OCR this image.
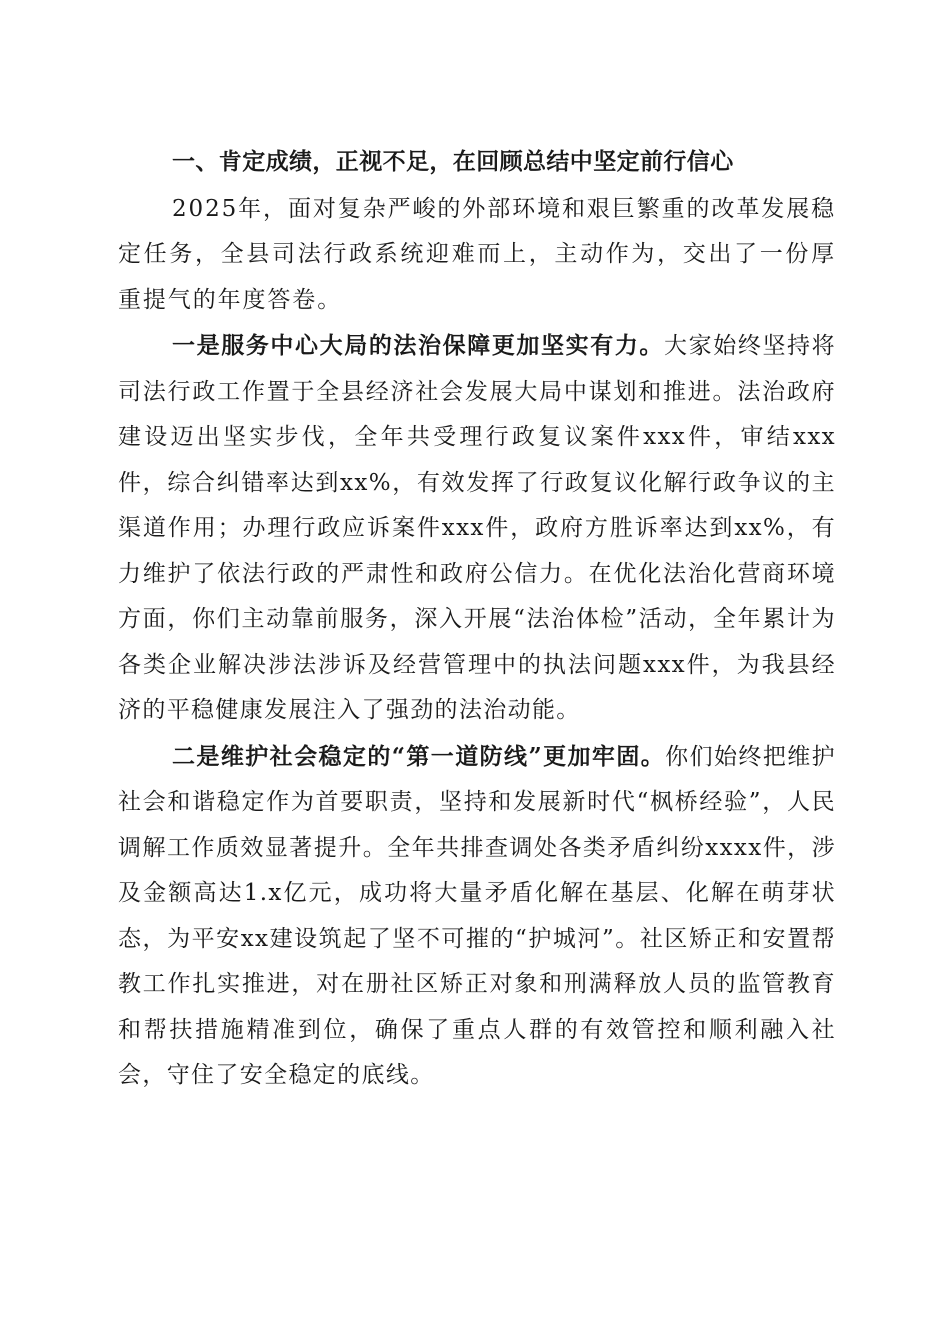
一、肯定成绩，正视不足，在回顾总结中坚定前行信心

2025年，面对复杂严峻的外部环境和艰巨繁重的改革发展稳定任务，全县司法行政系统迎难而上，主动作为，交出了一份厚重提气的年度答卷。

一是服务中心大局的法治保障更加坚实有力。大家始终坚持将司法行政工作置于全县经济社会发展大局中谋划和推进。法治政府建设迈出坚实步伐，全年共受理行政复议案件xxx件，审结xxx件，综合纠错率达到xx%，有效发挥了行政复议化解行政争议的主渠道作用；办理行政应诉案件xxx件，政府方胜诉率达到xx%，有力维护了依法行政的严肃性和政府公信力。在优化法治化营商环境方面，你们主动靠前服务，深入开展“法治体检”活动，全年累计为各类企业解决涉法涉诉及经营管理中的执法问题xxx件，为我县经济的平稳健康发展注入了强劲的法治动能。

二是维护社会稳定的“第一道防线”更加牢固。你们始终把维护社会和谐稳定作为首要职责，坚持和发展新时代“枫桥经验”，人民调解工作质效显著提升。全年共排查调处各类矛盾纠纷xxxx件，涉及金额高达1.x亿元，成功将大量矛盾化解在基层、化解在萌芽状态，为平安xx建设筑起了坚不可摧的“护城河”。社区矫正和安置帮教工作扎实推进，对在册社区矫正对象和刑满释放人员的监管教育和帮扶措施精准到位，确保了重点人群的有效管控和顺利融入社会，守住了安全稳定的底线。
